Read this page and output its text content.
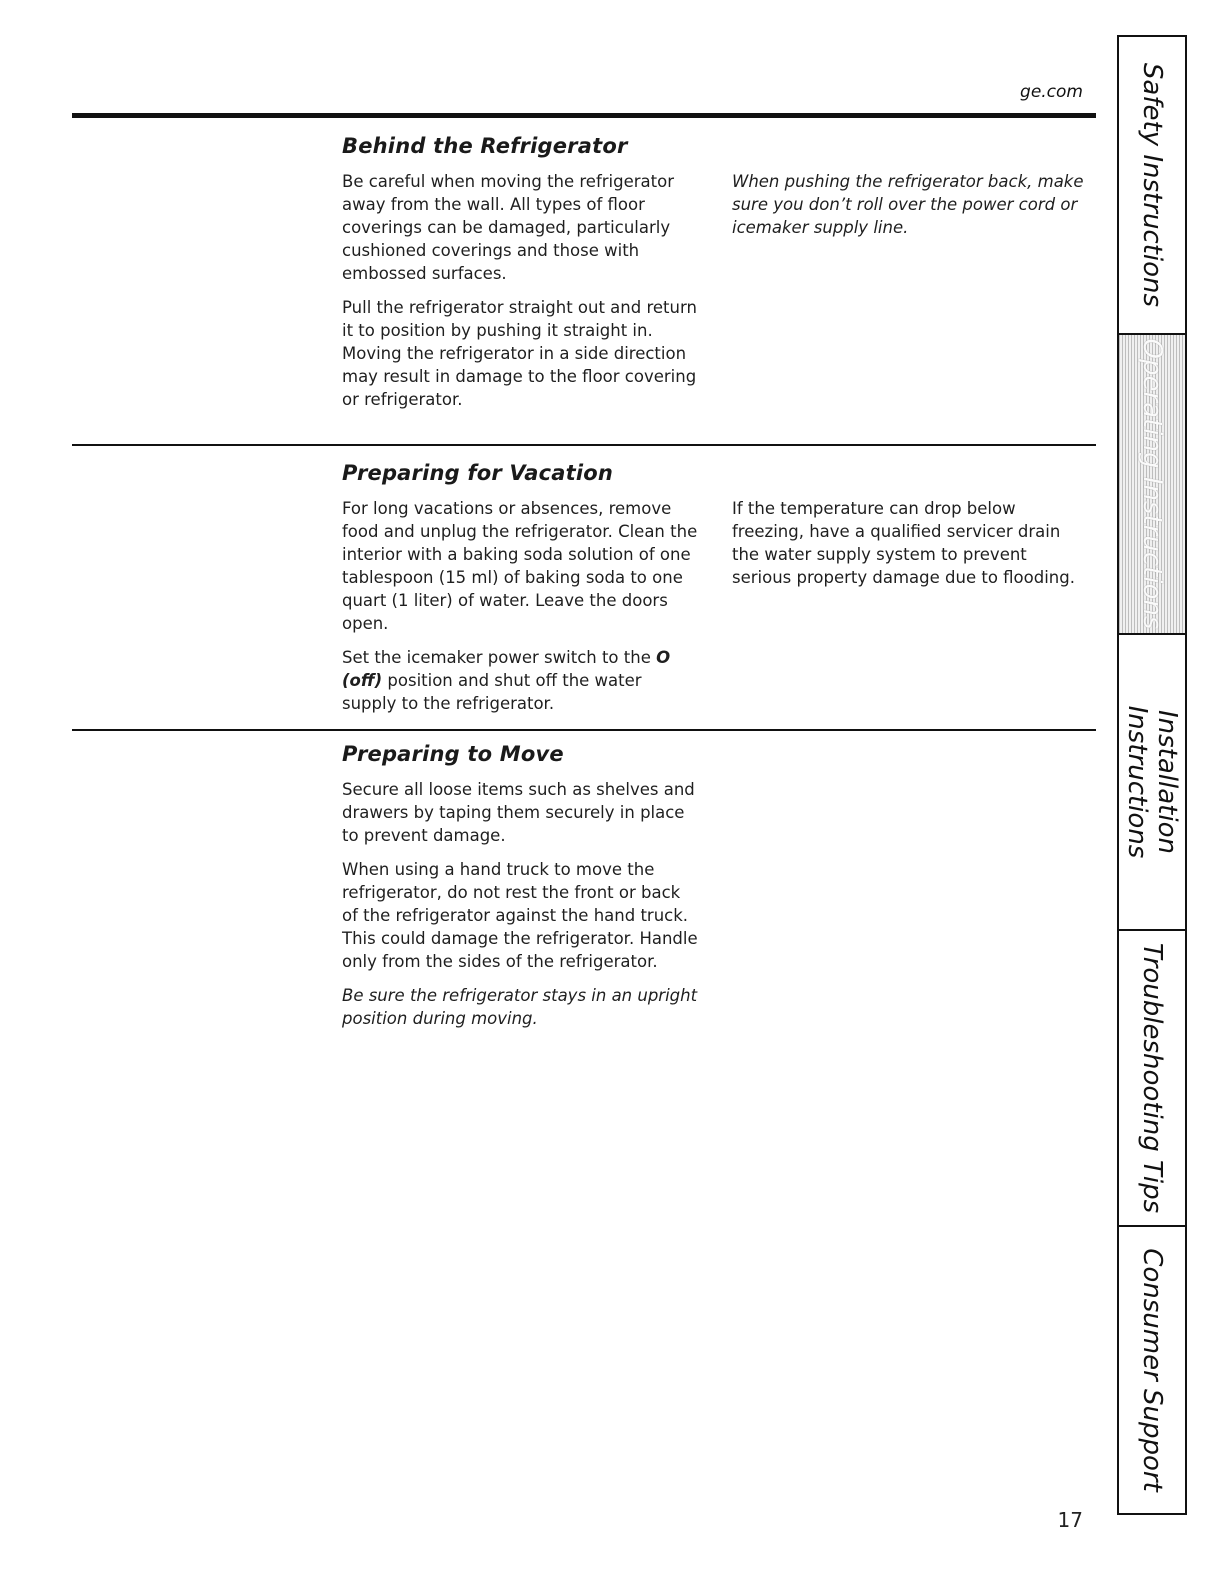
ge.com
Behind the Refrigerator

Be careful when moving the refrigerator away from the wall. All types of floor coverings can be damaged, particularly cushioned coverings and those with embossed surfaces.

Pull the refrigerator straight out and return it to position by pushing it straight in. Moving the refrigerator in a side direction may result in damage to the floor covering or refrigerator.

When pushing the refrigerator back, make sure you don’t roll over the power cord or icemaker supply line.

Preparing for Vacation

For long vacations or absences, remove food and unplug the refrigerator. Clean the interior with a baking soda solution of one tablespoon (15 ml) of baking soda to one quart (1 liter) of water. Leave the doors open.

Set the icemaker power switch to the O (off) position and shut off the water supply to the refrigerator.

If the temperature can drop below freezing, have a qualified servicer drain the water supply system to prevent serious property damage due to flooding.

Preparing to Move

Secure all loose items such as shelves and drawers by taping them securely in place to prevent damage.

When using a hand truck to move the refrigerator, do not rest the front or back of the refrigerator against the hand truck. This could damage the refrigerator. Handle only from the sides of the refrigerator.

Be sure the refrigerator stays in an upright position during moving.

17
Safety Instructions
Operating Instructions
Installation Instructions
Troubleshooting Tips
Consumer Support
